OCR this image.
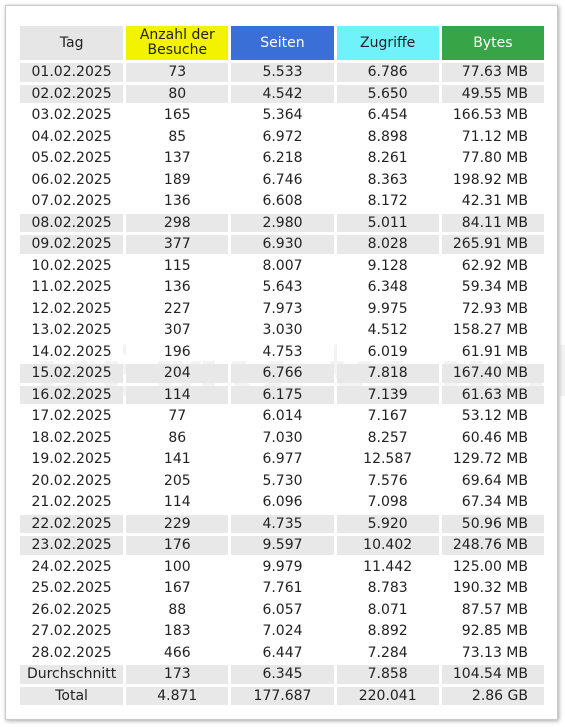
Tag	Anzahl der Besuche	Seiten	Zugriffe	Bytes
01.02.2025	73	5.533	6.786	77.63 MB
02.02.2025	80	4.542	5.650	49.55 MB
03.02.2025	165	5.364	6.454	166.53 MB
04.02.2025	85	6.972	8.898	71.12 MB
05.02.2025	137	6.218	8.261	77.80 MB
06.02.2025	189	6.746	8.363	198.92 MB
07.02.2025	136	6.608	8.172	42.31 MB
08.02.2025	298	2.980	5.011	84.11 MB
09.02.2025	377	6.930	8.028	265.91 MB
10.02.2025	115	8.007	9.128	62.92 MB
11.02.2025	136	5.643	6.348	59.34 MB
12.02.2025	227	7.973	9.975	72.93 MB
13.02.2025	307	3.030	4.512	158.27 MB
14.02.2025	196	4.753	6.019	61.91 MB
15.02.2025	204	6.766	7.818	167.40 MB
16.02.2025	114	6.175	7.139	61.63 MB
17.02.2025	77	6.014	7.167	53.12 MB
18.02.2025	86	7.030	8.257	60.46 MB
19.02.2025	141	6.977	12.587	129.72 MB
20.02.2025	205	5.730	7.576	69.64 MB
21.02.2025	114	6.096	7.098	67.34 MB
22.02.2025	229	4.735	5.920	50.96 MB
23.02.2025	176	9.597	10.402	248.76 MB
24.02.2025	100	9.979	11.442	125.00 MB
25.02.2025	167	7.761	8.783	190.32 MB
26.02.2025	88	6.057	8.071	87.57 MB
27.02.2025	183	7.024	8.892	92.85 MB
28.02.2025	466	6.447	7.284	73.13 MB
Durchschnitt	173	6.345	7.858	104.54 MB
Total	4.871	177.687	220.041	2.86 GB
